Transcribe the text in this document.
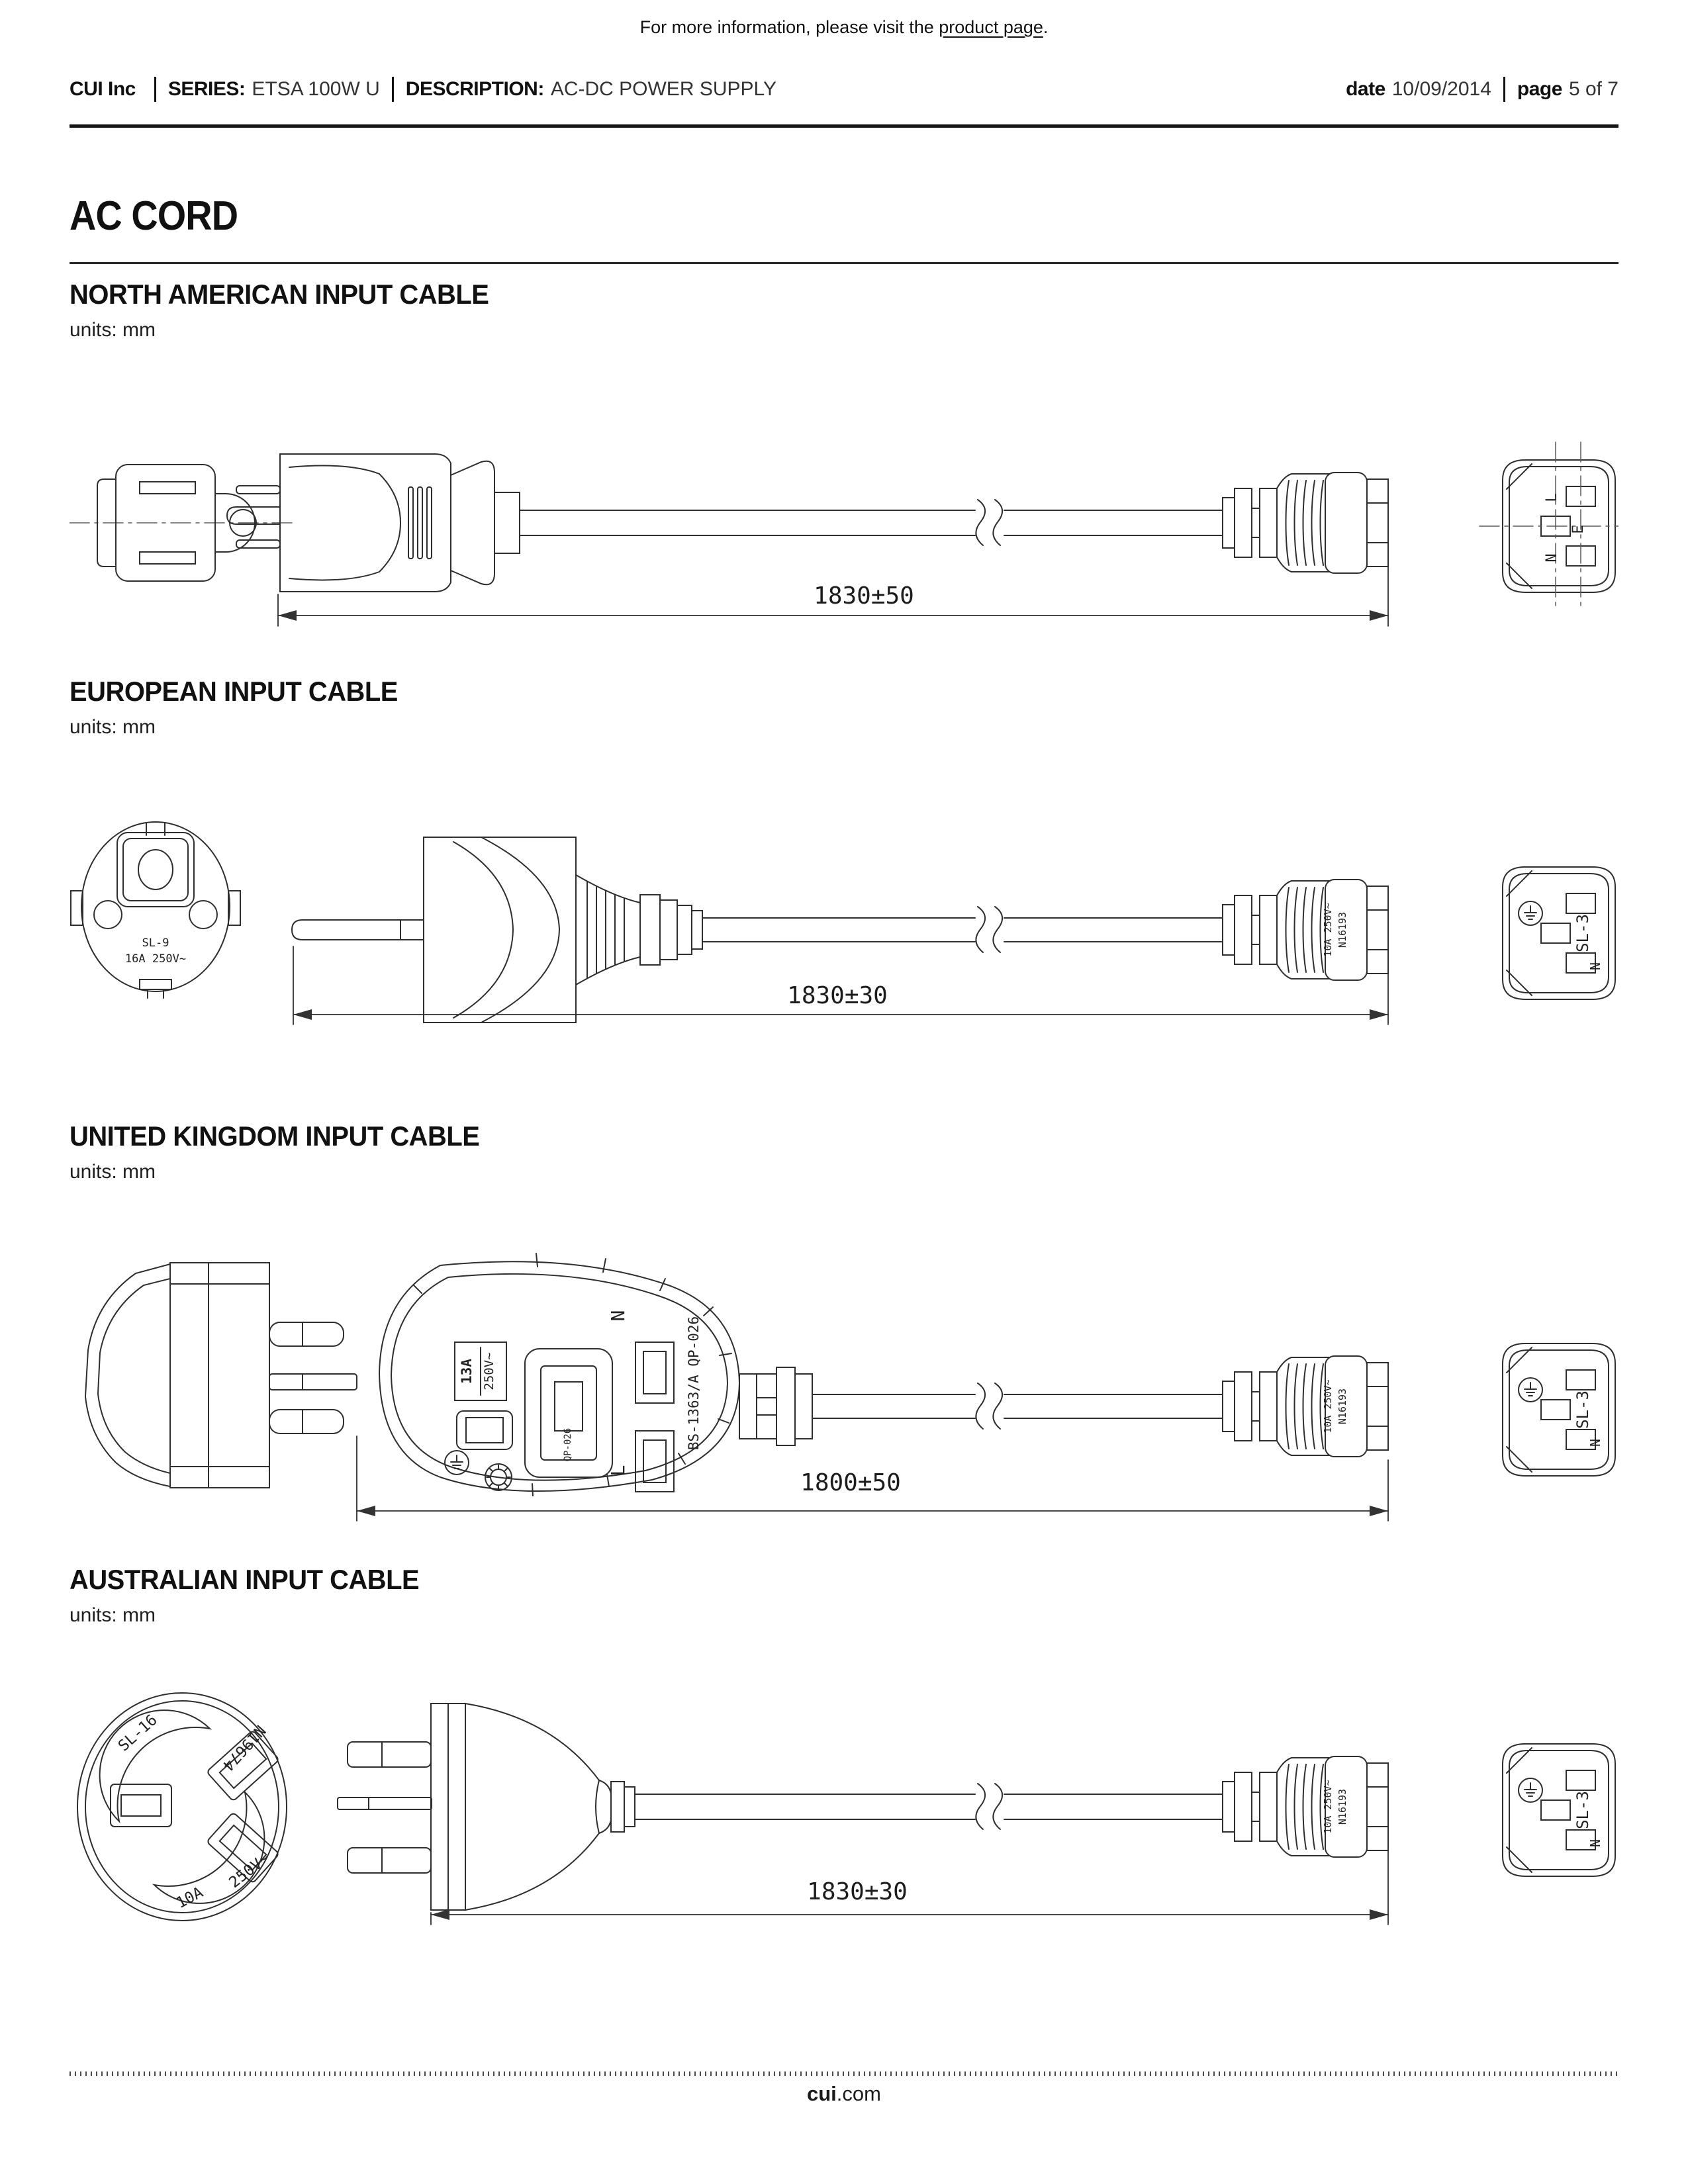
For more information, please visit the product page.
CUI Inc SERIES: ETSA 100W U DESCRIPTION: AC-DC POWER SUPPLY	date 10/09/2014 page 5 of 7
AC CORD
NORTH AMERICAN INPUT CABLE
units: mm
L
E
N
1830±50
EUROPEAN INPUT CABLE
units: mm
SL-9
16A 250V~
10A 250V~ N16193	SL-3
N
1830±30
UNITED KINGDOM INPUT CABLE
units: mm
N
L
13A 250V~
QP-026	BS-1363/A QP-026	10A 250V~ N16193	SL-3
N
1800±50
AUSTRALIAN INPUT CABLE
units: mm
SL-16	N19674
250V~
10A
10A 250V~ N16193	SL-3
N
1830±30
cui.com
